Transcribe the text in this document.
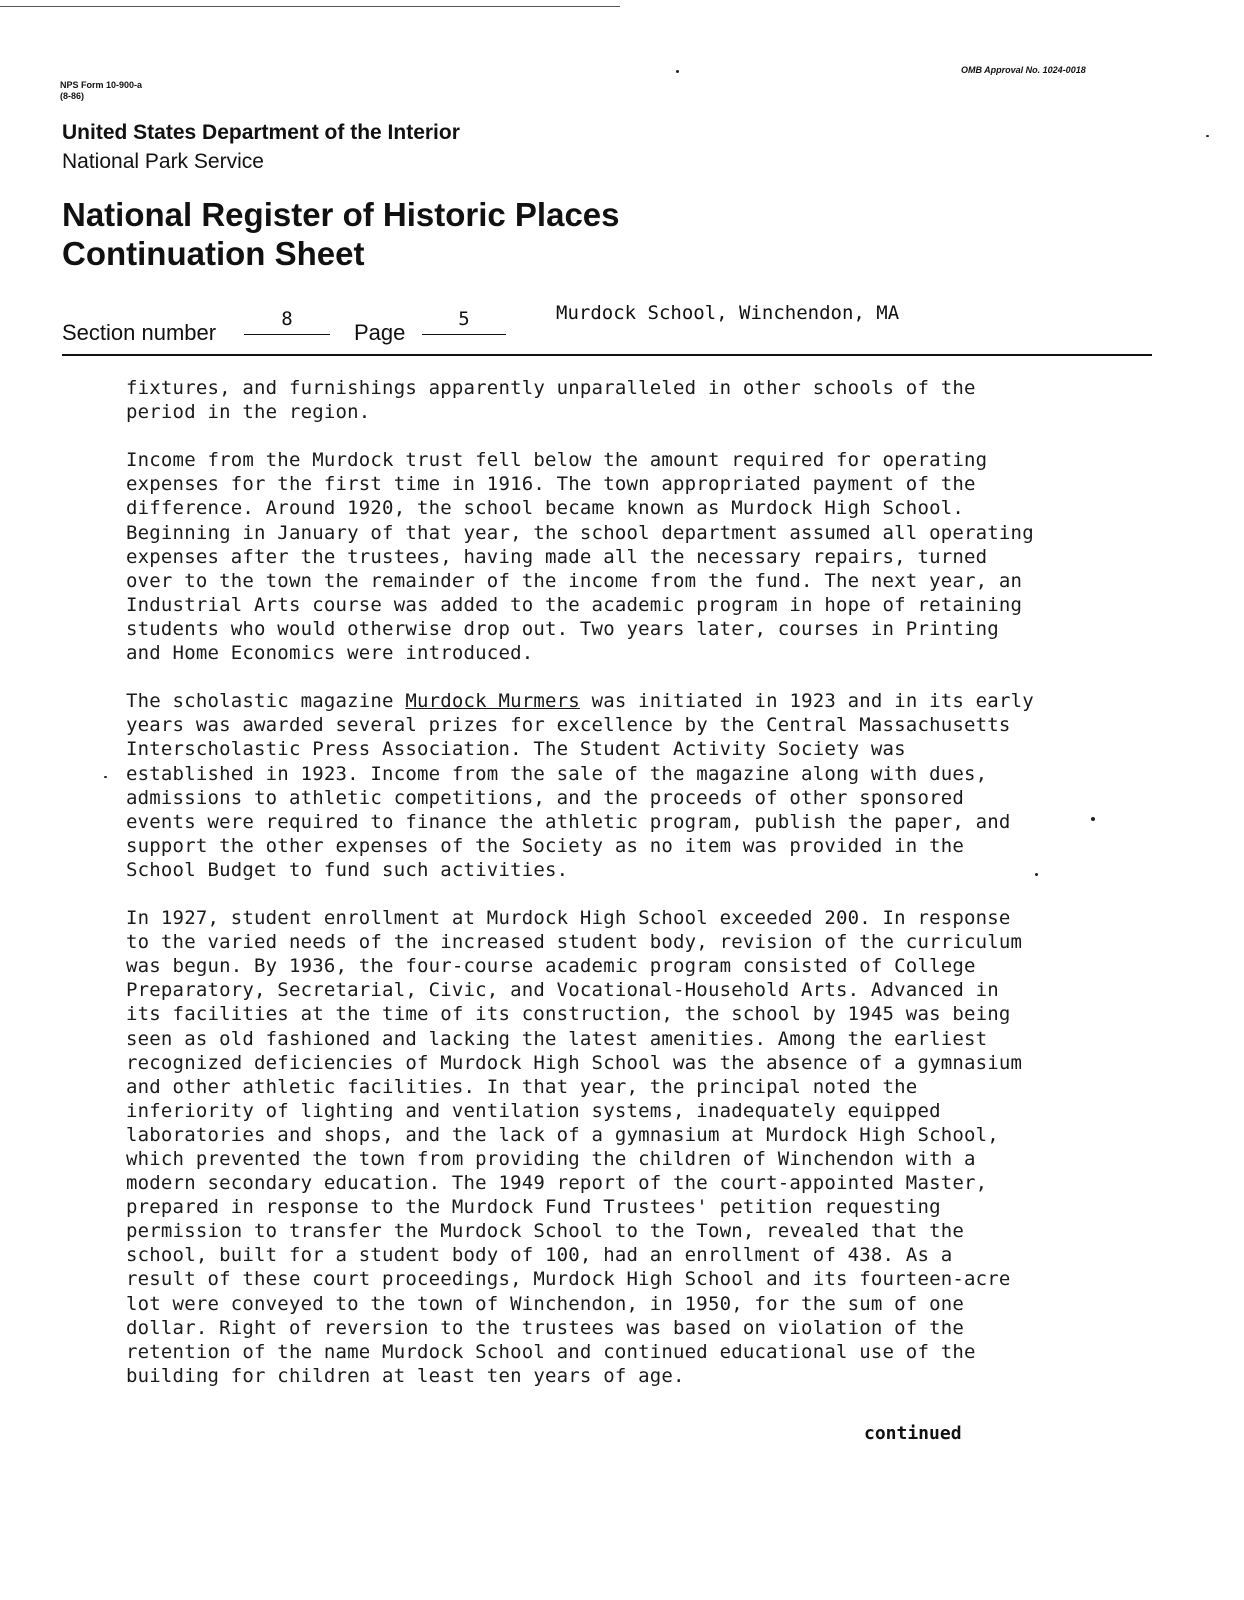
NPS Form 10-900-a
(8-86)
OMB Approval No. 1024-0018
United States Department of the Interior
National Park Service
National Register of Historic Places
Continuation Sheet
Section number
8
Page
5	Murdock School, Winchendon, MA
fixtures, and furnishings apparently unparalleled in other schools of the
period in the region.
Income from the Murdock trust fell below the amount required for operating
expenses for the first time in 1916. The town appropriated payment of the
difference. Around 1920, the school became known as Murdock High School.
Beginning in January of that year, the school department assumed all operating
expenses after the trustees, having made all the necessary repairs, turned
over to the town the remainder of the income from the fund. The next year, an
Industrial Arts course was added to the academic program in hope of retaining
students who would otherwise drop out. Two years later, courses in Printing
and Home Economics were introduced.
The scholastic magazine Murdock Murmers was initiated in 1923 and in its early
years was awarded several prizes for excellence by the Central Massachusetts
Interscholastic Press Association. The Student Activity Society was
established in 1923. Income from the sale of the magazine along with dues,
admissions to athletic competitions, and the proceeds of other sponsored
events were required to finance the athletic program, publish the paper, and
support the other expenses of the Society as no item was provided in the
School Budget to fund such activities.
In 1927, student enrollment at Murdock High School exceeded 200. In response
to the varied needs of the increased student body, revision of the curriculum
was begun. By 1936, the four-course academic program consisted of College
Preparatory, Secretarial, Civic, and Vocational-Household Arts. Advanced in
its facilities at the time of its construction, the school by 1945 was being
seen as old fashioned and lacking the latest amenities. Among the earliest
recognized deficiencies of Murdock High School was the absence of a gymnasium
and other athletic facilities. In that year, the principal noted the
inferiority of lighting and ventilation systems, inadequately equipped
laboratories and shops, and the lack of a gymnasium at Murdock High School,
which prevented the town from providing the children of Winchendon with a
modern secondary education. The 1949 report of the court-appointed Master,
prepared in response to the Murdock Fund Trustees' petition requesting
permission to transfer the Murdock School to the Town, revealed that the
school, built for a student body of 100, had an enrollment of 438. As a
result of these court proceedings, Murdock High School and its fourteen-acre
lot were conveyed to the town of Winchendon, in 1950, for the sum of one
dollar. Right of reversion to the trustees was based on violation of the
retention of the name Murdock School and continued educational use of the
building for children at least ten years of age.
continued
